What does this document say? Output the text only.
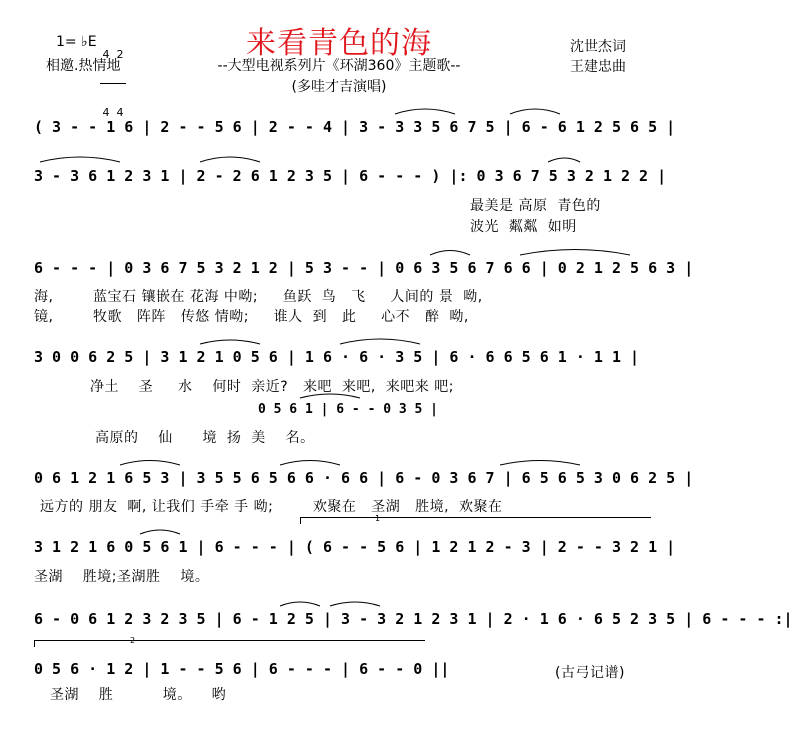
来看青色的海
1= ♭E

4  2

4  4

相邀.热情地	--大型电视系列片《环湖360》主题歌--
(多哇才吉演唱)
沈世杰词
王建忠曲
( 3 - - 1 6 | 2 - - 5 6 | 2 - - 4 | 3 - 3 3 5 6 7 5 | 6 - 6 1 2 5 6 5 |
3 - 3 6 1 2 3 1 | 2 - 2 6 1 2 3 5 | 6 - - - ) |: 0 3 6 7 5 3 2 1 2 2 |
最美是 高原  青色的
波光  粼粼  如明
6 - - - | 0 3 6 7 5 3 2 1 2 | 5 3 - - | 0 6 3 5 6 7 6 6 | 0 2 1 2 5 6 3 |
海,        蓝宝石 镶嵌在 花海 中呦;     鱼跃  鸟   飞     人间的 景  呦,
镜,        牧歌   阵阵   传悠 情呦;     谁人  到   此     心不   醉  呦,
3 0 0 6 2 5 | 3 1 2 1 0 5 6 | 1 6 · 6 · 3 5 | 6 · 6 6 5 6 1 · 1 1 |
净土    圣     水    何时  亲近?   来吧  来吧,  来吧来 吧;
0 5 6 1 | 6 - - 0 3 5 |
高原的    仙      境  扬  美    名。
0 6 1 2 1 6 5 3 | 3 5 5 6 5 6 6 · 6 6 | 6 - 0 3 6 7 | 6 5 6 5 3 0 6 2 5 |
远方的 朋友  啊, 让我们 手牵 手 呦;        欢聚在   圣湖   胜境,  欢聚在
1
3 1 2 1 6 0 5 6 1 | 6 - - - | ( 6 - - 5 6 | 1 2 1 2 - 3 | 2 - - 3 2 1 |
圣湖    胜境;圣湖胜    境。
6 - 0 6 1 2 3 2 3 5 | 6 - 1 2 5 | 3 - 3 2 1 2 3 1 | 2 · 1 6 · 6 5 2 3 5 | 6 - - - :|
2
0 5 6 · 1 2 | 1 - - 5 6 | 6 - - - | 6 - - 0 ||
圣湖    胜          境。    哟
(古弓记谱)
